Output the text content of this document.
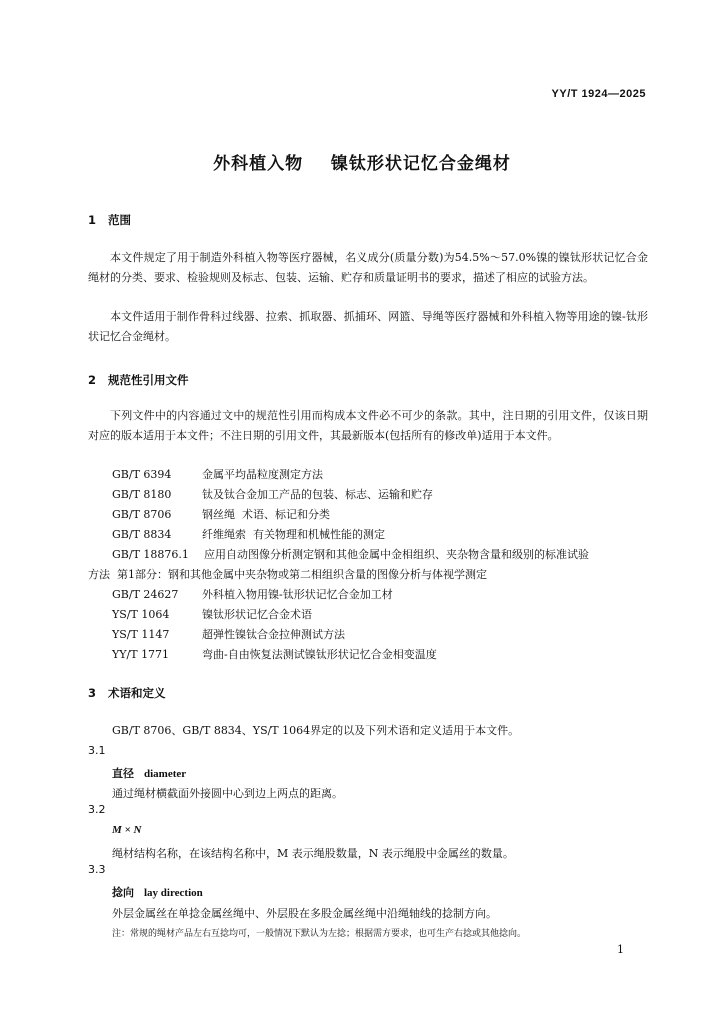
YY/T 1924—2025
外科植入物    镍钛形状记忆合金绳材
1 范围
本文件规定了用于制造外科植入物等医疗器械，名义成分(质量分数)为54.5%～57.0%镍的镍钛形状记忆合金绳材的分类、要求、检验规则及标志、包装、运输、贮存和质量证明书的要求，描述了相应的试验方法。
本文件适用于制作骨科过线器、拉索、抓取器、抓捕环、网篮、导绳等医疗器械和外科植入物等用途的镍-钛形状记忆合金绳材。
2 规范性引用文件
下列文件中的内容通过文中的规范性引用而构成本文件必不可少的条款。其中，注日期的引用文件，仅该日期对应的版本适用于本文件；不注日期的引用文件，其最新版本(包括所有的修改单)适用于本文件。
GB/T 6394	金属平均晶粒度测定方法
GB/T 8180	钛及钛合金加工产品的包装、标志、运输和贮存
GB/T 8706	钢丝绳  术语、标记和分类
GB/T 8834	纤维绳索  有关物理和机械性能的测定
GB/T 18876.1 应用自动图像分析测定钢和其他金属中金相组织、夹杂物含量和级别的标准试验
方法  第1部分：钢和其他金属中夹杂物或第二相组织含量的图像分析与体视学测定
GB/T 24627 外科植入物用镍-钛形状记忆合金加工材
YS/T 1064	镍钛形状记忆合金术语
YS/T 1147	超弹性镍钛合金拉伸测试方法
YY/T 1771	弯曲-自由恢复法测试镍钛形状记忆合金相变温度
3 术语和定义
GB/T 8706、GB/T 8834、YS/T 1064界定的以及下列术语和定义适用于本文件。
3.1
直径 diameter
通过绳材横截面外接圆中心到边上两点的距离。
3.2
M × N
绳材结构名称，在该结构名称中，M 表示绳股数量，N 表示绳股中金属丝的数量。
3.3
捻向 lay direction
外层金属丝在单捻金属丝绳中、外层股在多股金属丝绳中沿绳轴线的捻制方向。
注：常规的绳材产品左右互捻均可，一般情况下默认为左捻；根据需方要求，也可生产右捻或其他捻向。
1
